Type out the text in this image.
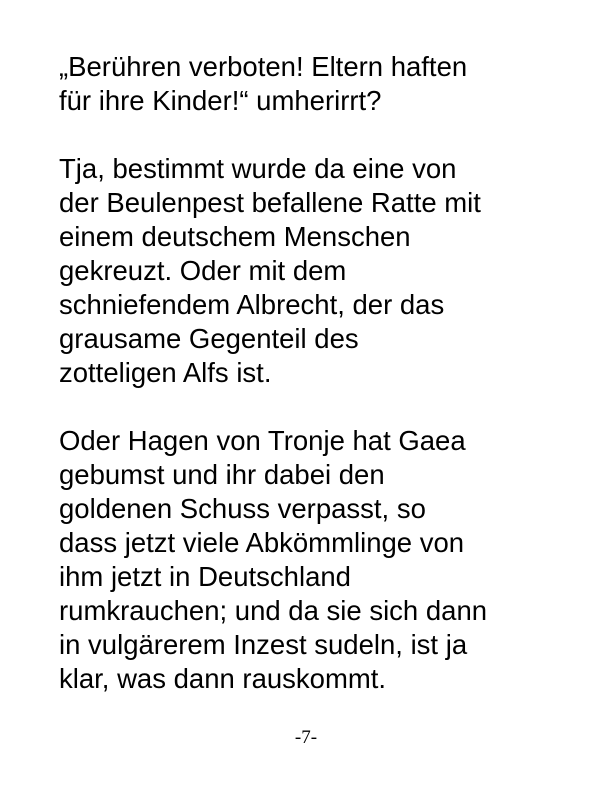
„Berühren verboten! Eltern haften
für ihre Kinder!“ umherirrt?

Tja, bestimmt wurde da eine von
der Beulenpest befallene Ratte mit
einem deutschem Menschen
gekreuzt. Oder mit dem
schniefendem Albrecht, der das
grausame Gegenteil des
zotteligen Alfs ist.

Oder Hagen von Tronje hat Gaea
gebumst und ihr dabei den
goldenen Schuss verpasst, so
dass jetzt viele Abkömmlinge von
ihm jetzt in Deutschland
rumkrauchen; und da sie sich dann
in vulgärerem Inzest sudeln, ist ja
klar, was dann rauskommt.

-7-
